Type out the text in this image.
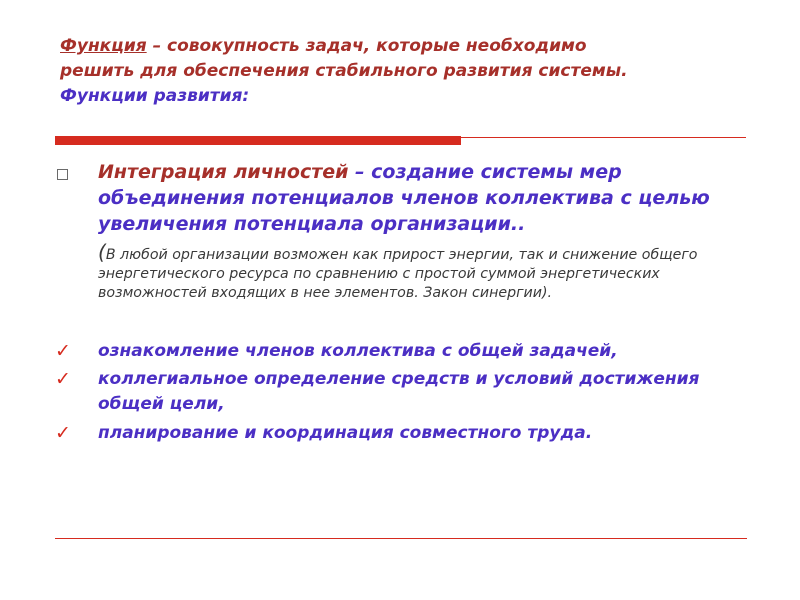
Функция – совокупность задач, которые необходимо
решить для обеспечения стабильного развития системы.
Функции развития:
Интеграция личностей – создание системы мер объединения потенциалов членов коллектива с целью увеличения потенциала организации..
(В любой организации возможен как прирост энергии, так и снижение общего энергетического ресурса по сравнению с простой суммой энергетических возможностей входящих в нее элементов. Закон синергии).
✓	ознакомление членов коллектива с общей задачей,
✓	коллегиальное определение средств и условий достижения общей цели,
✓	планирование и координация совместного труда.
